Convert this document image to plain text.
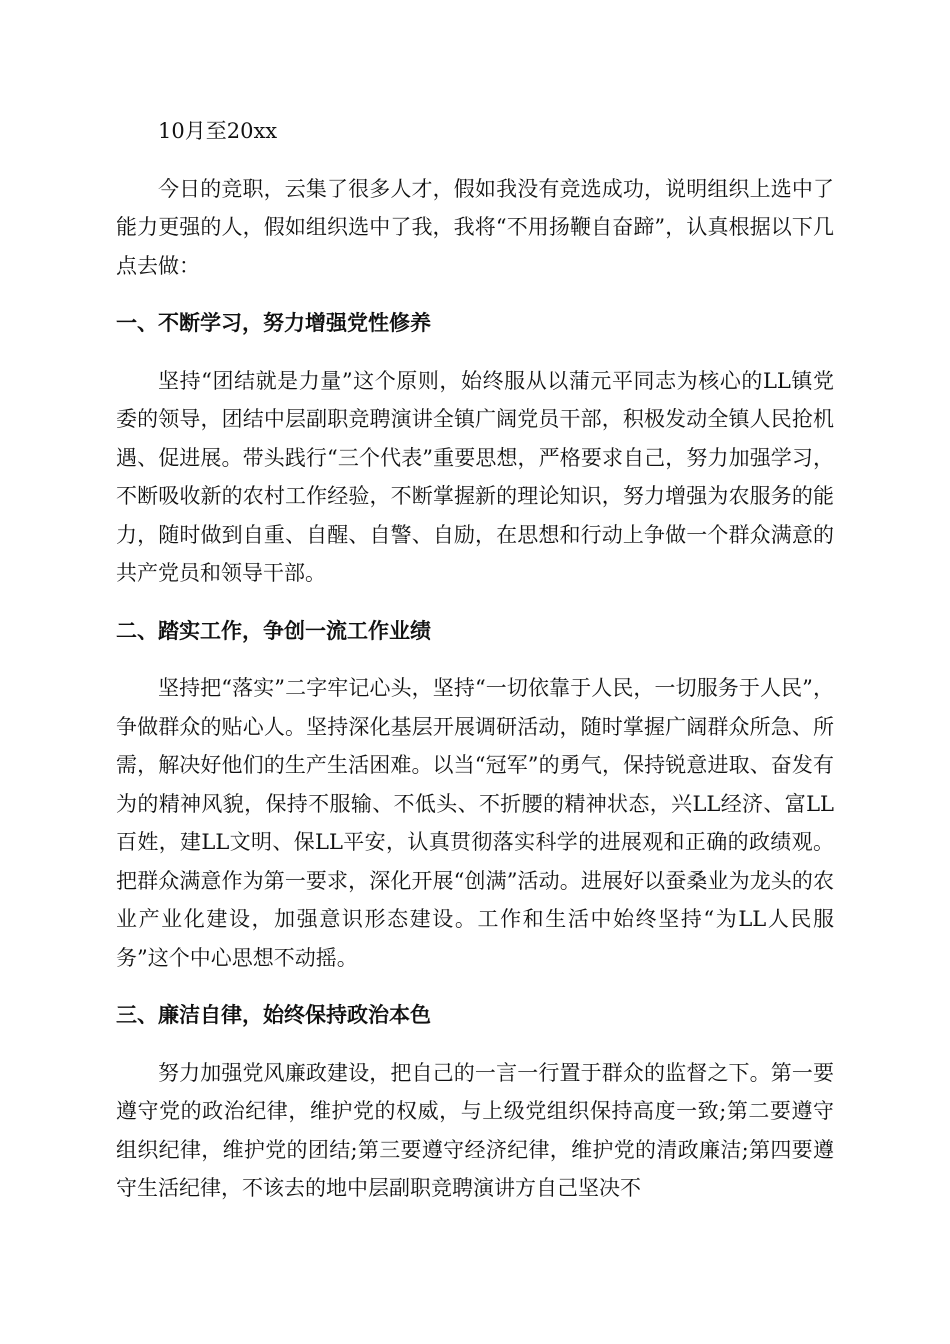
10月至20xx

今日的竞职，云集了很多人才，假如我没有竞选成功，说明组织上选中了能力更强的人，假如组织选中了我，我将“不用扬鞭自奋蹄”，认真根据以下几点去做：

一、不断学习，努力增强党性修养

坚持“团结就是力量”这个原则，始终服从以蒲元平同志为核心的LL镇党委的领导，团结中层副职竞聘演讲全镇广阔党员干部，积极发动全镇人民抢机遇、促进展。带头践行“三个代表”重要思想，严格要求自己，努力加强学习，不断吸收新的农村工作经验，不断掌握新的理论知识，努力增强为农服务的能力，随时做到自重、自醒、自警、自励，在思想和行动上争做一个群众满意的共产党员和领导干部。

二、踏实工作，争创一流工作业绩

坚持把“落实”二字牢记心头，坚持“一切依靠于人民，一切服务于人民”，争做群众的贴心人。坚持深化基层开展调研活动，随时掌握广阔群众所急、所需，解决好他们的生产生活困难。以当“冠军”的勇气，保持锐意进取、奋发有为的精神风貌，保持不服输、不低头、不折腰的精神状态，兴LL经济、富LL百姓，建LL文明、保LL平安，认真贯彻落实科学的进展观和正确的政绩观。把群众满意作为第一要求，深化开展“创满”活动。进展好以蚕桑业为龙头的农业产业化建设，加强意识形态建设。工作和生活中始终坚持“为LL人民服务”这个中心思想不动摇。

三、廉洁自律，始终保持政治本色

努力加强党风廉政建设，把自己的一言一行置于群众的监督之下。第一要遵守党的政治纪律，维护党的权威，与上级党组织保持高度一致;第二要遵守组织纪律，维护党的团结;第三要遵守经济纪律，维护党的清政廉洁;第四要遵守生活纪律，不该去的地中层副职竞聘演讲方自己坚决不
